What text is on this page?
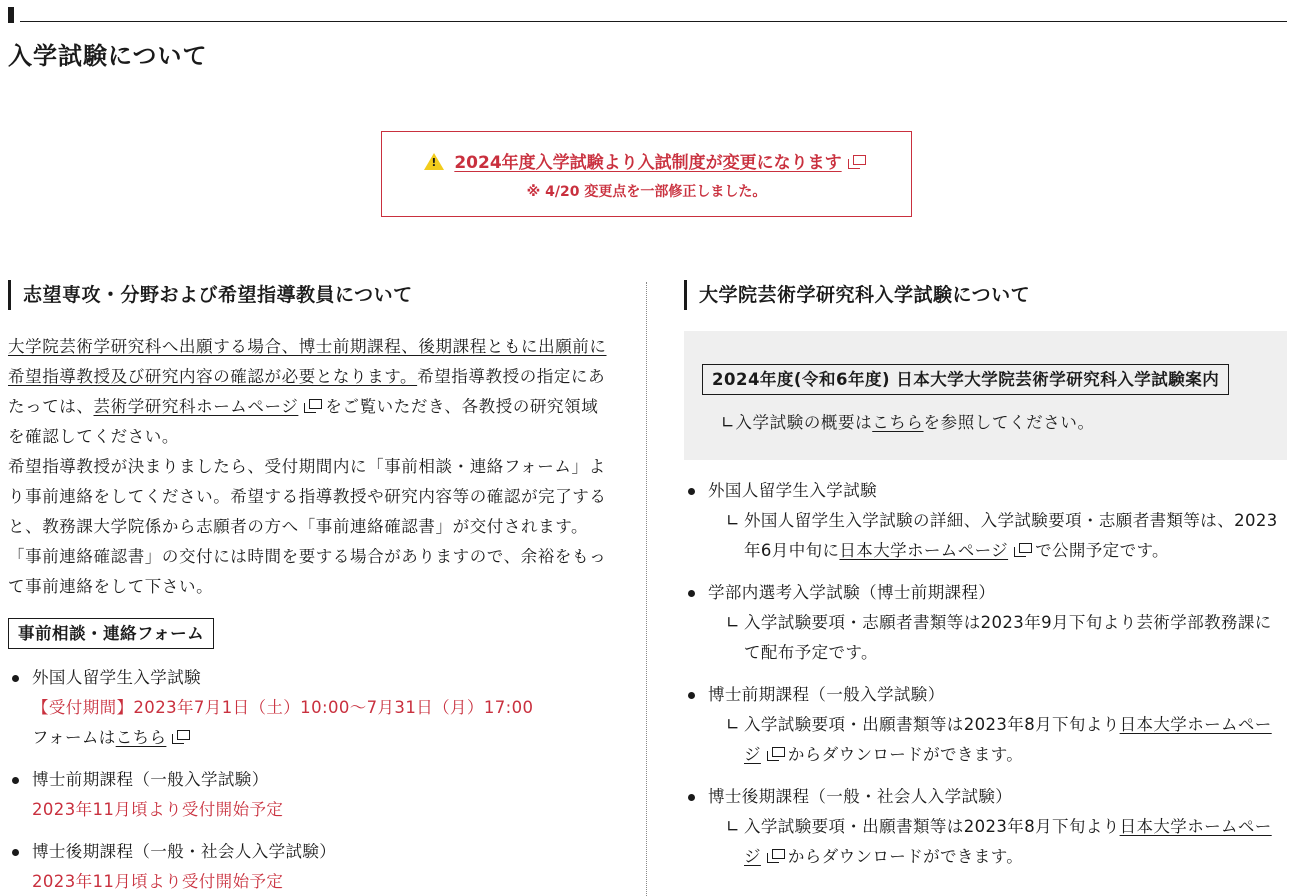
入学試験について
!2024年度入学試験より入試制度が変更になります
※ 4/20 変更点を一部修正しました。
志望専攻・分野および希望指導教員について

大学院芸術学研究科へ出願する場合、博士前期課程、後期課程ともに出願前に希望指導教授及び研究内容の確認が必要となります。希望指導教授の指定にあたっては、芸術学研究科ホームページ をご覧いただき、各教授の研究領域を確認してください。
希望指導教授が決まりましたら、受付期間内に「事前相談・連絡フォーム」より事前連絡をしてください。希望する指導教授や研究内容等の確認が完了すると、教務課大学院係から志願者の方へ「事前連絡確認書」が交付されます。「事前連絡確認書」の交付には時間を要する場合がありますので、余裕をもって事前連絡をして下さい。

事前相談・連絡フォーム
外国人留学生入学試験
【受付期間】2023年7月1日（土）10:00〜7月31日（月）17:00
フォームはこちら
博士前期課程（一般入学試験）
2023年11月頃より受付開始予定
博士後期課程（一般・社会人入学試験）
2023年11月頃より受付開始予定
大学院芸術学研究科入学試験について
2024年度(令和6年度) 日本大学大学院芸術学研究科入学試験案内
∟入学試験の概要はこちらを参照してください。
外国人留学生入学試験
∟ 外国人留学生入学試験の詳細、入学試験要項・志願者書類等は、2023年6月中旬に日本大学ホームページ で公開予定です。
学部内選考入学試験（博士前期課程）
∟ 入学試験要項・志願者書類等は2023年9月下旬より芸術学部教務課にて配布予定です。
博士前期課程（一般入学試験）
∟ 入学試験要項・出願書類等は2023年8月下旬より日本大学ホームページ からダウンロードができます。
博士後期課程（一般・社会人入学試験）
∟ 入学試験要項・出願書類等は2023年8月下旬より日本大学ホームページ からダウンロードができます。
